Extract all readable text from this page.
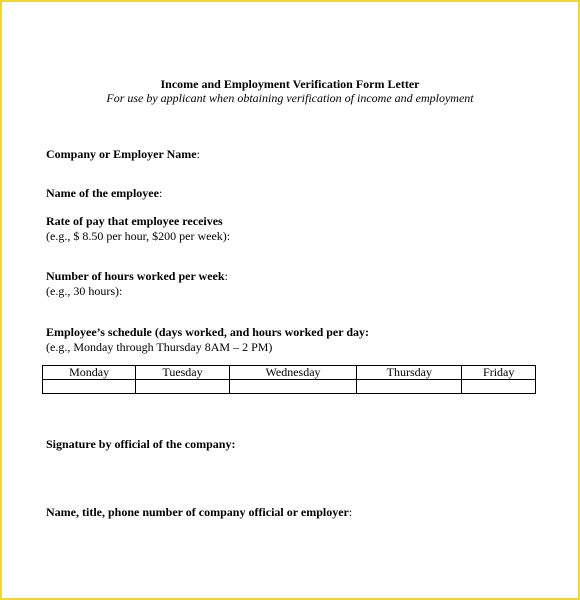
Income and Employment Verification Form Letter
For use by applicant when obtaining verification of income and employment
Company or Employer Name:
Name of the employee:
Rate of pay that employee receives
(e.g., $ 8.50 per hour, $200 per week):
Number of hours worked per week:
(e.g., 30 hours):
Employee’s schedule (days worked, and hours worked per day:
(e.g., Monday through Thursday 8AM – 2 PM)
Monday	Tuesday	Wednesday	Thursday	Friday

Signature by official of the company:
Name, title, phone number of company official or employer:
